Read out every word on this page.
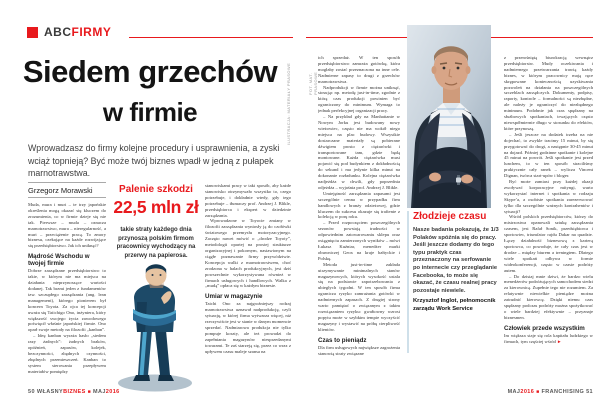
ABCFIRMY
Siedem grzechów
w firmie
Wprowadzasz do firmy kolejne procedury i usprawnienia, a zyski wciąż topnieją? Być może twój biznes wpadł w jedną z pułapek marnotrawstwa.
Grzegorz Morawski

Muda, mura i muri – te trzy japońskie określenia mogą okazać się kluczem do zrozumienia, co w firmie dzieje się nie tak. Pierwsze – muda – oznacza marnotrawstwo, mura – nieregularność, a muri – przeciążenie pracą. To zmory biznesu, czekające na każde rozwijające się przedsiębiorstwo. Jak ich uniknąć?

Mądrość Wschodu w twojej firmie

Dobrze zarządzane przedsiębiorstwo to takie, w którym nie ma miejsca na działania nieprzynoszące wartości dodanej. Tak brzmi jeden z fundamentów tzw. szczupłego zarządzania (ang. lean management), którego pionierem był koncern Toyota. Za ojca tej koncepcji uważa się Taiichigo Ono, inżyniera, który większość swojego życia zawodowego poświęcił właśnie japońskiej firmie. Ono oparł swoje metody na filozofii „kanban”.

– Ideę kanban wyraża hasło „siedem razy żadnych”: żadnych braków, opóźnień, zapasów, kolejek, bezczynności, zbędnych czynności, zbędnych przemieszczeń. Kanban to system sterowania przepływem materiałów pomiędzy

stanowiskami pracy w taki sposób, aby każde stanowisko otrzymywało wszystko to, czego potrzebuje, i dokładnie wtedy, gdy tego potrzebuje – tłumaczy prof. Andrzej J. Blikle, przedsiębiorca i ekspert w dziedzinie zarządzania.

Wprowadzone w Toyocie zmiany w filozofii zarządzania wyniosły ją do czołówki światowego przemysłu motoryzacyjnego. Zaczęto nawet mówić o „drodze Toyoty”, metodologii opartej na prostej strukturze organizacyjnej i pokornym, nastawionym na ciągłe poznawanie firmy przywództwie. Koncepcja walki z marnotrawstwem, choć zrodzona w halach produkcyjnych, jest dziś powszechnie wykorzystywana również w firmach usługowych i handlowych. Walka z „mudą” opłaca się w każdym biznesie.

Umiar w magazynie

Taichi Ono za najgroźniejszy rodzaj marnotrawstwa uznawał nadprodukcję, czyli sytuację, w której firma wytwarza więcej, niż rzeczywiście jest w stanie w danym momencie sprzedać. Nadmiarowa produkcja nie tylko pompuje koszty, ale też prowadzi do zapełniania magazynów niesprzedanymi towarami. Te zaś starzeją się, przez co wraz z upływem czasu maleje szansa na

Palenie szkodzi
22,5 mln zł
takie straty każdego dnia przynoszą polskim firmom pracownicy wychodzący na przerwy na papierosa.

ich sprzedaż. W ten sposób przedsiębiorstwo zamraża gotówkę, która mogłaby zostać przeznaczona na inne cele. Nadmierne zapasy to drugi z grzechów marnotrawstwa.

Nadprodukcji w firmie można uniknąć, stosując np. metodę just-in-time, zgodnie z którą czas produkcji powinien być ograniczony do minimum. Wymaga to jednak perfekcyjnej organizacji pracy.

– Na przykład gdy na Manhattanie w Nowym Jorku jest budowany nowy wieżowiec, często nie ma wokół niego miejsca na plac budowy. Wszystkie dostarczane materiały są pobierane dźwigiem prosto z ciężarówki i transportowane tam, gdzie będą montowane. Każda ciężarówka musi pojawić się pod budynkiem z dokładnością do sekund i ma jedynie kilka minut na dokonanie rozładunku. Kolejna ciężarówka nadjeżdża w chwili, gdy poprzednia odjeżdża – wyjaśnia prof. Andrzej J. Blikle.

Umiejętność zarządzania zapasami jest szczególnie cenna w przypadku firm handlowych z branży odzieżowej, gdzie kluczem do sukcesu okazuje się trafienie z kolekcją w porę roku.

– Przed rozpoczęciem poszczególnych sezonów powstają trudności w odpowiednim zatowarowaniu sklepu oraz osiągnięciu zamierzonych wyników – mówi Łukasz Kuźniar, menedżer marki obuwniczej Geox na kraje bałtyckie i Polskę.

Metoda just-in-time zakłada utrzymywanie minimalnych stanów magazynowych, których wysokość ustala się na podstawie zapotrzebowania z ubiegłych tygodni. W ten sposób firma ogranicza ryzyko zamrażania gotówki w nadmiernych zapasach. Z drugiej strony warto pamiętać o związanym z takim rozwiązaniem ryzyku: gwałtowny wzrost popytu może w szybkim tempie wyczyścić magazyny i wystawić na próbę cierpliwość klientów.

Czas to pieniądz

Dla firm usługowych największe zagrożenia stanowią straty związane

z przerośniętą biurokracją wewnątrz przedsiębiorstw. Mudy oczekiwania i nadmiernego przetwarzania trawią każdy biznes, w którym pracownicy mają ręce skrępowane koniecznością uzyskiwania pozwoleń na działania na poszczególnych szczeblach zarządczych. Dokumenty, podpisy, raporty, kontrole – formalności są niezbędne, ale należy je ograniczyć do niezbędnego minimum. Podobnie jak czas spędzany na służbowych spotkaniach, trwających często niewspółmiernie długo w stosunku do efektów, które przynoszą.

– Jeśli jeszcze na dodatek trzeba na nie dojechać, to zwykle tracimy 15 minut, by się przygotować do drogi, a następnie 30-45 minut na dojazd. Później godzinne spotkanie i kolejne 45 minut na powrót. Jeśli spotkanie jest przed lunchem, to w ten sposób straciliśmy praktycznie cały ranek – wylicza Vincent Dignan, twórca start-upów i bloger.

Być może zamiast przy każdej okazji zwoływać korporacyjne mityngi, warto wykorzystać internet i spotkania w rodzaju Skype’a, a osobiste spotkania zarezerwować tylko dla szczególnie ważnych kontrahentów i sytuacji?

Wśród polskich przedsiębiorców, którzy do mistrzostwa opanowali sztukę zarządzania czasem, jest Rafał Sonik, przedsiębiorca i sportowiec, triumfator rajdu Dakar na quadzie. Łączy działalność biznesową z karierą sportowca, co powoduje, że cały czas jest w drodze – między biurem a treningiem. Dlatego wiele spotkań odbywa w formie wideokonferencji, często w czasie podróży autem.

– Do dzisiaj mnie dziwi, że bardzo wielu menedżerów podróżujących samochodem siedzi za kierownicą. Zupełnie tego nie rozumiem. Za relatywnie niewielkie pieniądze można zatrudnić kierowcę. Dzięki niemu czas spędzany podczas podróży można spożytkować o wiele bardziej efektywnie – przyznaje biznesmen.

Człowiek przede wszystkim

Im większa staje się rola kapitału ludzkiego w firmach, tym częściej wśród ►

Złodzieje czasu

Nasze badania pokazują, że 1/3 Polaków spóźnia się do pracy. Jeśli jeszcze dodamy do tego typu praktyk czas przeznaczony na serfowanie po internecie czy przeglądanie Facebooka, to może się okazać, że czasu realnej pracy pozostaje niewiele.

Krzysztof Inglot, pełnomocnik zarządu Work Service

ILUSTRACJA: MATERIAŁY PRASOWE	FOT. MAT. PRASOWE
50 WŁASNYBIZNES ■ MAJ2016	MAJ2016 ■ FRANCHISING 51
